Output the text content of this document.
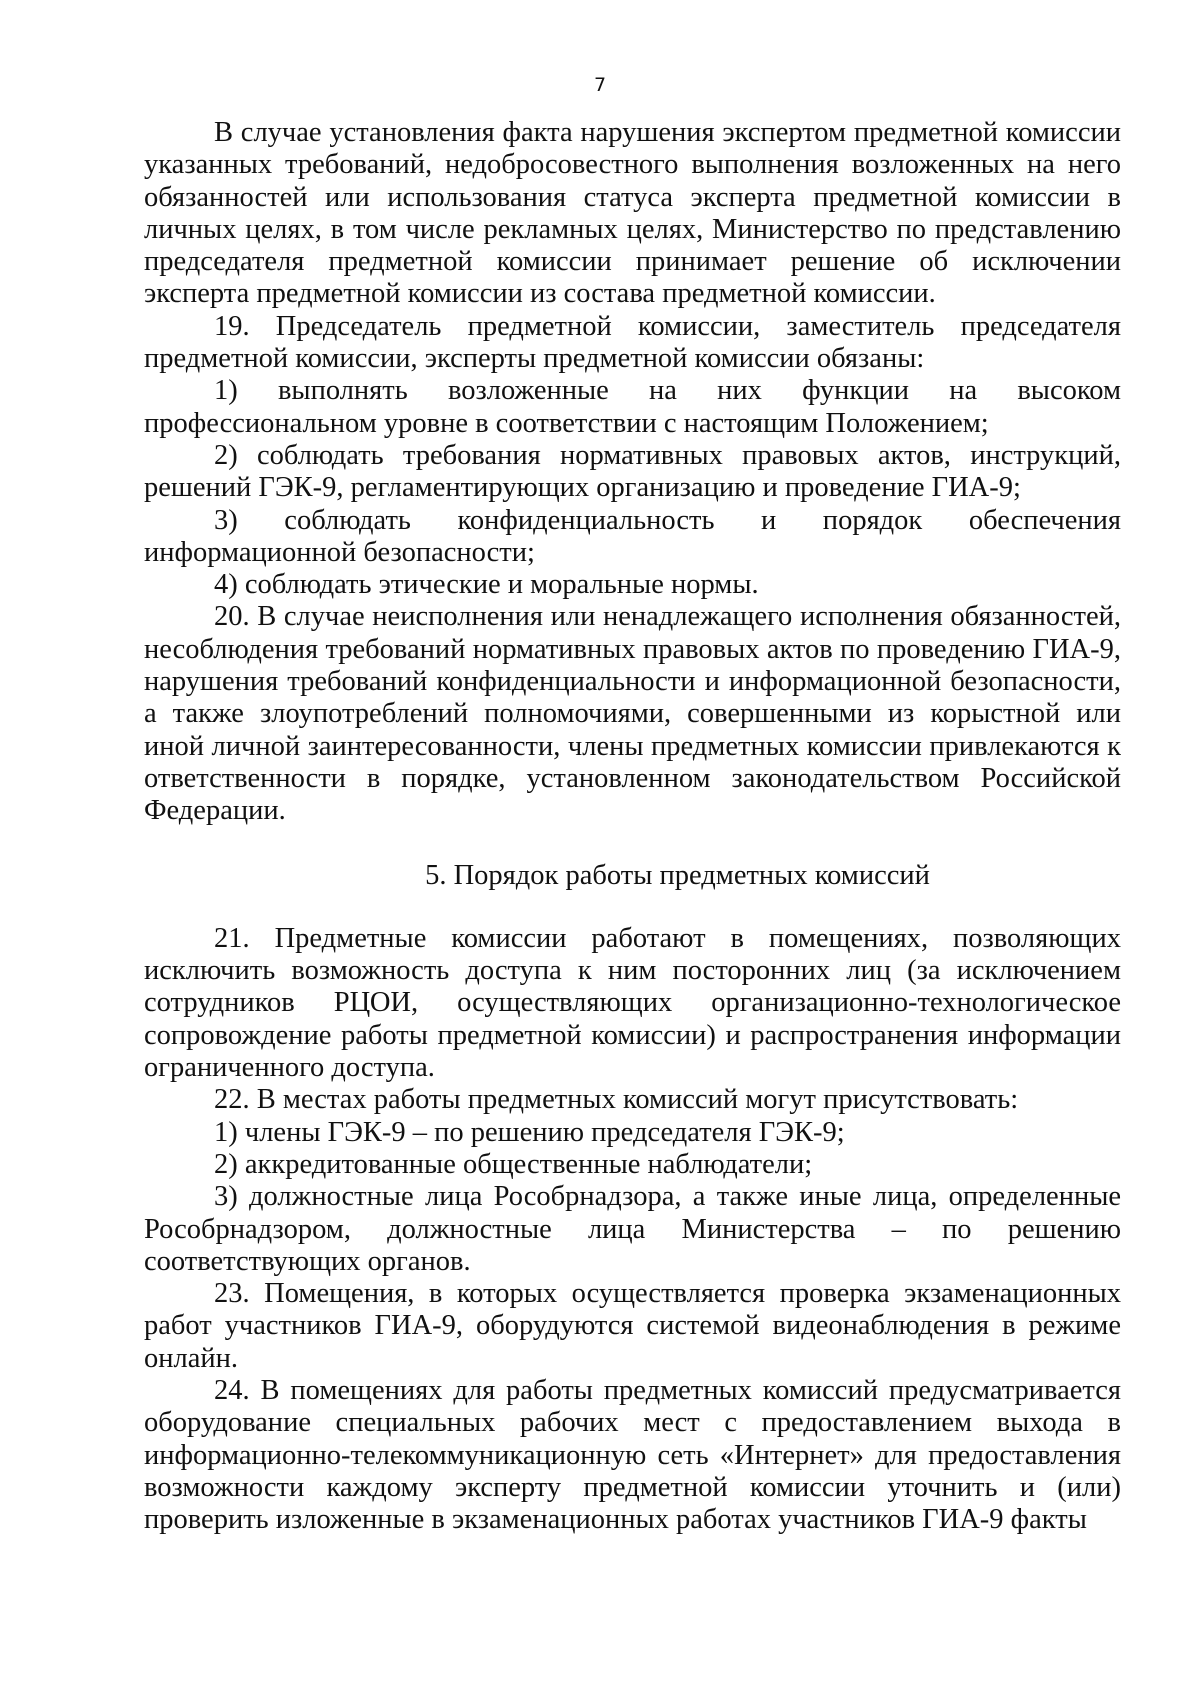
7

В случае установления факта нарушения экспертом предметной комиссии указанных требований, недобросовестного выполнения возложенных на него обязанностей или использования статуса эксперта предметной комиссии в личных целях, в том числе рекламных целях, Министерство по представлению председателя предметной комиссии принимает решение об исключении эксперта предметной комиссии из состава предметной комиссии.

19. Председатель предметной комиссии, заместитель председателя предметной комиссии, эксперты предметной комиссии обязаны:

1) выполнять возложенные на них функции на высоком профессиональном уровне в соответствии с настоящим Положением;

2) соблюдать требования нормативных правовых актов, инструкций, решений ГЭК-9, регламентирующих организацию и проведение ГИА-9;

3) соблюдать конфиденциальность и порядок обеспечения информационной безопасности;

4) соблюдать этические и моральные нормы.

20. В случае неисполнения или ненадлежащего исполнения обязанностей, несоблюдения требований нормативных правовых актов по проведению ГИА-9, нарушения требований конфиденциальности и информационной безопасности, а также злоупотреблений полномочиями, совершенными из корыстной или иной личной заинтересованности, члены предметных комиссии привлекаются к ответственности в порядке, установленном законодательством Российской Федерации.

5. Порядок работы предметных комиссий

21. Предметные комиссии работают в помещениях, позволяющих исключить возможность доступа к ним посторонних лиц (за исключением сотрудников РЦОИ, осуществляющих организационно-технологическое сопровождение работы предметной комиссии) и распространения информации ограниченного доступа.

22. В местах работы предметных комиссий могут присутствовать:

1) члены ГЭК-9 – по решению председателя ГЭК-9;

2) аккредитованные общественные наблюдатели;

3) должностные лица Рособрнадзора, а также иные лица, определенные Рособрнадзором, должностные лица Министерства – по решению соответствующих органов.

23. Помещения, в которых осуществляется проверка экзаменационных работ участников ГИА-9, оборудуются системой видеонаблюдения в режиме онлайн.

24. В помещениях для работы предметных комиссий предусматривается оборудование специальных рабочих мест с предоставлением выхода в информационно-телекоммуникационную сеть «Интернет» для предоставления возможности каждому эксперту предметной комиссии уточнить и (или) проверить изложенные в экзаменационных работах участников ГИА-9 факты
